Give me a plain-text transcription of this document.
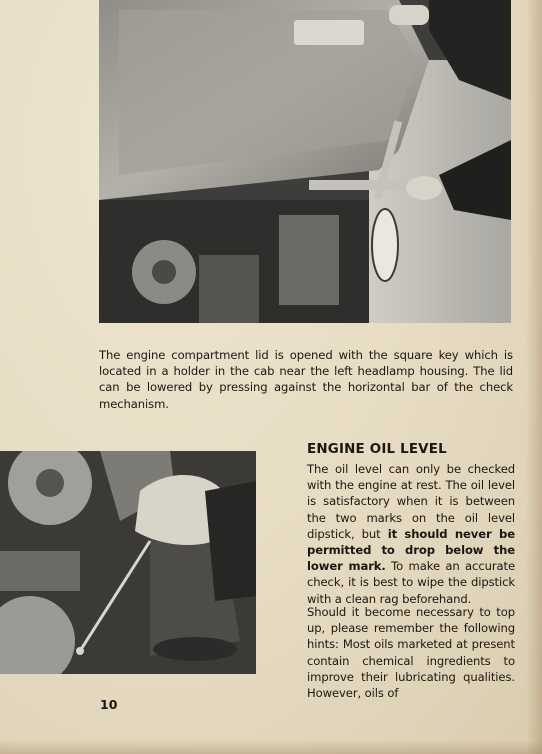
The engine compartment lid is opened with the square key which is located in a holder in the cab near the left headlamp housing. The lid can be lowered by pressing against the horizontal bar of the check mechanism.
ENGINE OIL LEVEL
The oil level can only be checked with the engine at rest. The oil level is satisfactory when it is between the two marks on the oil level dipstick, but it should never be permitted to drop below the lower mark. To make an accurate check, it is best to wipe the dipstick with a clean rag beforehand.
Should it become necessary to top up, please remember the following hints: Most oils marketed at present contain chemical ingredients to improve their lubricating qualities. However, oils of
10
